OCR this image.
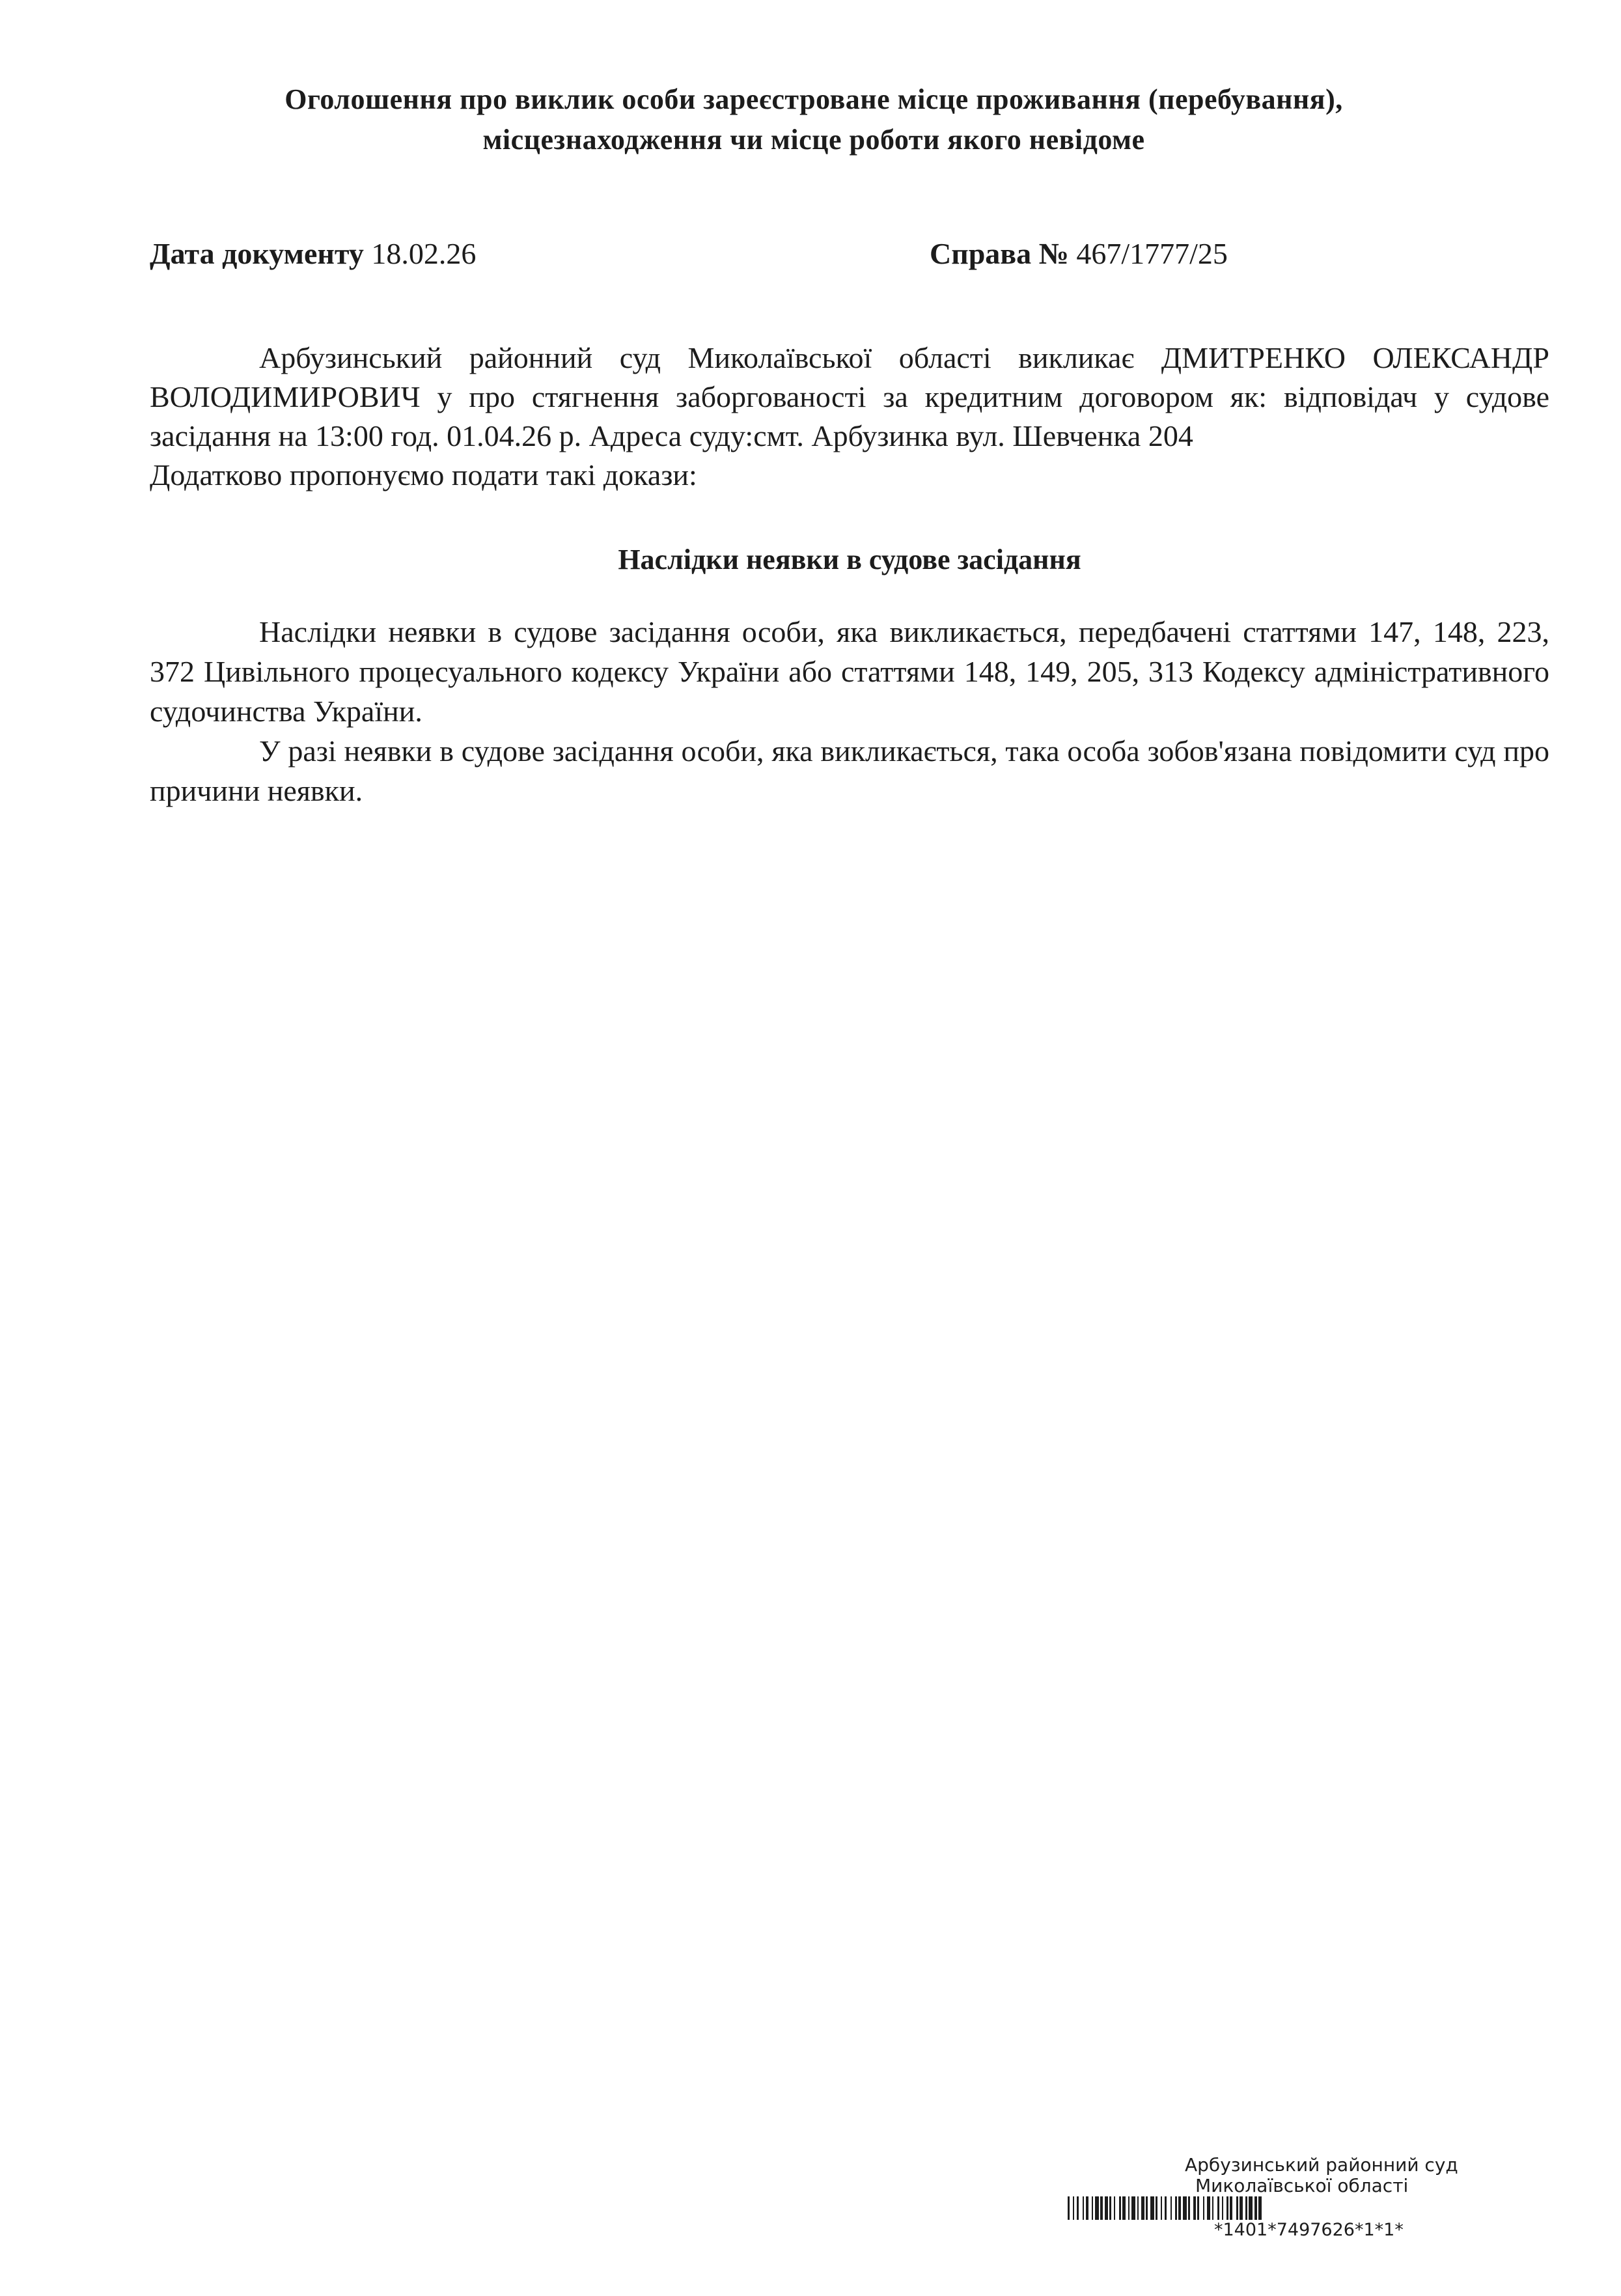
Оголошення про виклик особи зареєстроване місце проживання (перебування),
місцезнаходження чи місце роботи якого невідоме
Дата документу 18.02.26	Справа № 467/1777/25

Арбузинський районний суд Миколаївської області викликає ДМИТРЕНКО ОЛЕКСАНДР ВОЛОДИМИРОВИЧ у про стягнення заборгованості за кредитним договором як: відповідач у судове засідання на 13:00 год. 01.04.26 р. Адреса суду:смт. Арбузинка вул. Шевченка 204

Додатково пропонуємо подати такі докази:

Наслідки неявки в судове засідання

Наслідки неявки в судове засідання особи, яка викликається, передбачені статтями 147, 148, 223, 372 Цивільного процесуального кодексу України або статтями 148, 149, 205, 313 Кодексу адміністративного судочинства України.

У разі неявки в судове засідання особи, яка викликається, така особа зобов'язана повідомити суд про причини неявки.

Арбузинський районний суд
Миколаївської області
*1401*7497626*1*1*
